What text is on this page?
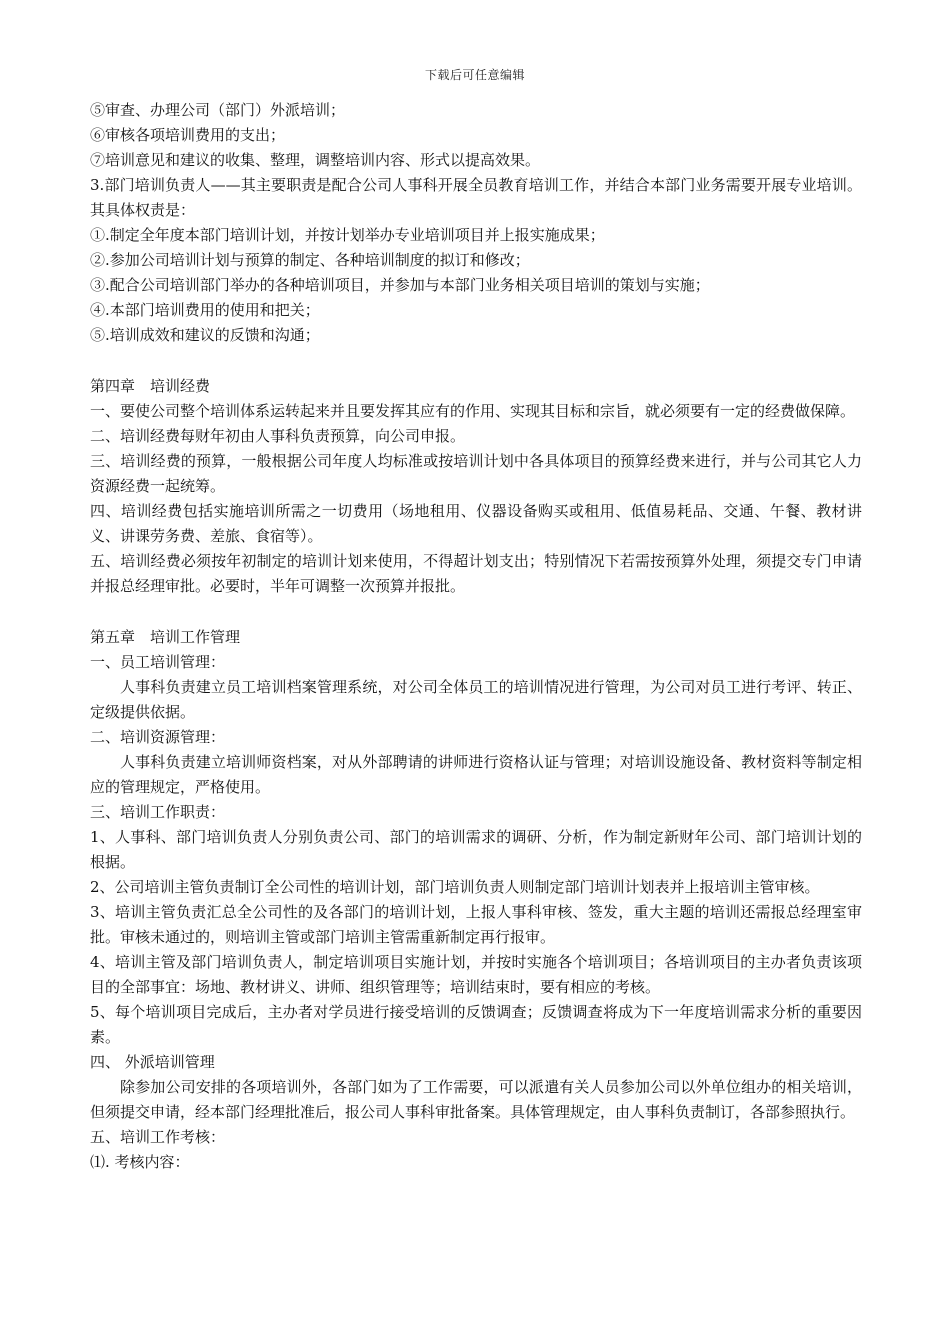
下载后可任意编辑

⑤审查、办理公司（部门）外派培训；

⑥审核各项培训费用的支出；

⑦培训意见和建议的收集、整理，调整培训内容、形式以提高效果。

3.部门培训负责人——其主要职责是配合公司人事科开展全员教育培训工作，并结合本部门业务需要开展专业培训。其具体权责是：

①.制定全年度本部门培训计划，并按计划举办专业培训项目并上报实施成果；

②.参加公司培训计划与预算的制定、各种培训制度的拟订和修改；

③.配合公司培训部门举办的各种培训项目，并参加与本部门业务相关项目培训的策划与实施；

④.本部门培训费用的使用和把关；

⑤.培训成效和建议的反馈和沟通；

第四章　培训经费

一、要使公司整个培训体系运转起来并且要发挥其应有的作用、实现其目标和宗旨，就必须要有一定的经费做保障。

二、培训经费每财年初由人事科负责预算，向公司申报。

三、培训经费的预算，一般根据公司年度人均标准或按培训计划中各具体项目的预算经费来进行，并与公司其它人力资源经费一起统筹。

四、培训经费包括实施培训所需之一切费用（场地租用、仪器设备购买或租用、低值易耗品、交通、午餐、教材讲义、讲课劳务费、差旅、食宿等）。

五、培训经费必须按年初制定的培训计划来使用，不得超计划支出；特别情况下若需按预算外处理，须提交专门申请并报总经理审批。必要时，半年可调整一次预算并报批。

第五章　培训工作管理

一、员工培训管理：

人事科负责建立员工培训档案管理系统，对公司全体员工的培训情况进行管理，为公司对员工进行考评、转正、定级提供依据。

二、培训资源管理：

人事科负责建立培训师资档案，对从外部聘请的讲师进行资格认证与管理；对培训设施设备、教材资料等制定相应的管理规定，严格使用。

三、培训工作职责：

1、人事科、部门培训负责人分别负责公司、部门的培训需求的调研、分析，作为制定新财年公司、部门培训计划的根据。

2、公司培训主管负责制订全公司性的培训计划，部门培训负责人则制定部门培训计划表并上报培训主管审核。

3、培训主管负责汇总全公司性的及各部门的培训计划，上报人事科审核、签发，重大主题的培训还需报总经理室审批。审核未通过的，则培训主管或部门培训主管需重新制定再行报审。

4、培训主管及部门培训负责人，制定培训项目实施计划，并按时实施各个培训项目；各培训项目的主办者负责该项目的全部事宜：场地、教材讲义、讲师、组织管理等；培训结束时，要有相应的考核。

5、每个培训项目完成后，主办者对学员进行接受培训的反馈调查；反馈调查将成为下一年度培训需求分析的重要因素。

四、 外派培训管理

除参加公司安排的各项培训外，各部门如为了工作需要，可以派遣有关人员参加公司以外单位组办的相关培训，但须提交申请，经本部门经理批准后，报公司人事科审批备案。具体管理规定，由人事科负责制订，各部参照执行。

五、培训工作考核：

⑴. 考核内容：
